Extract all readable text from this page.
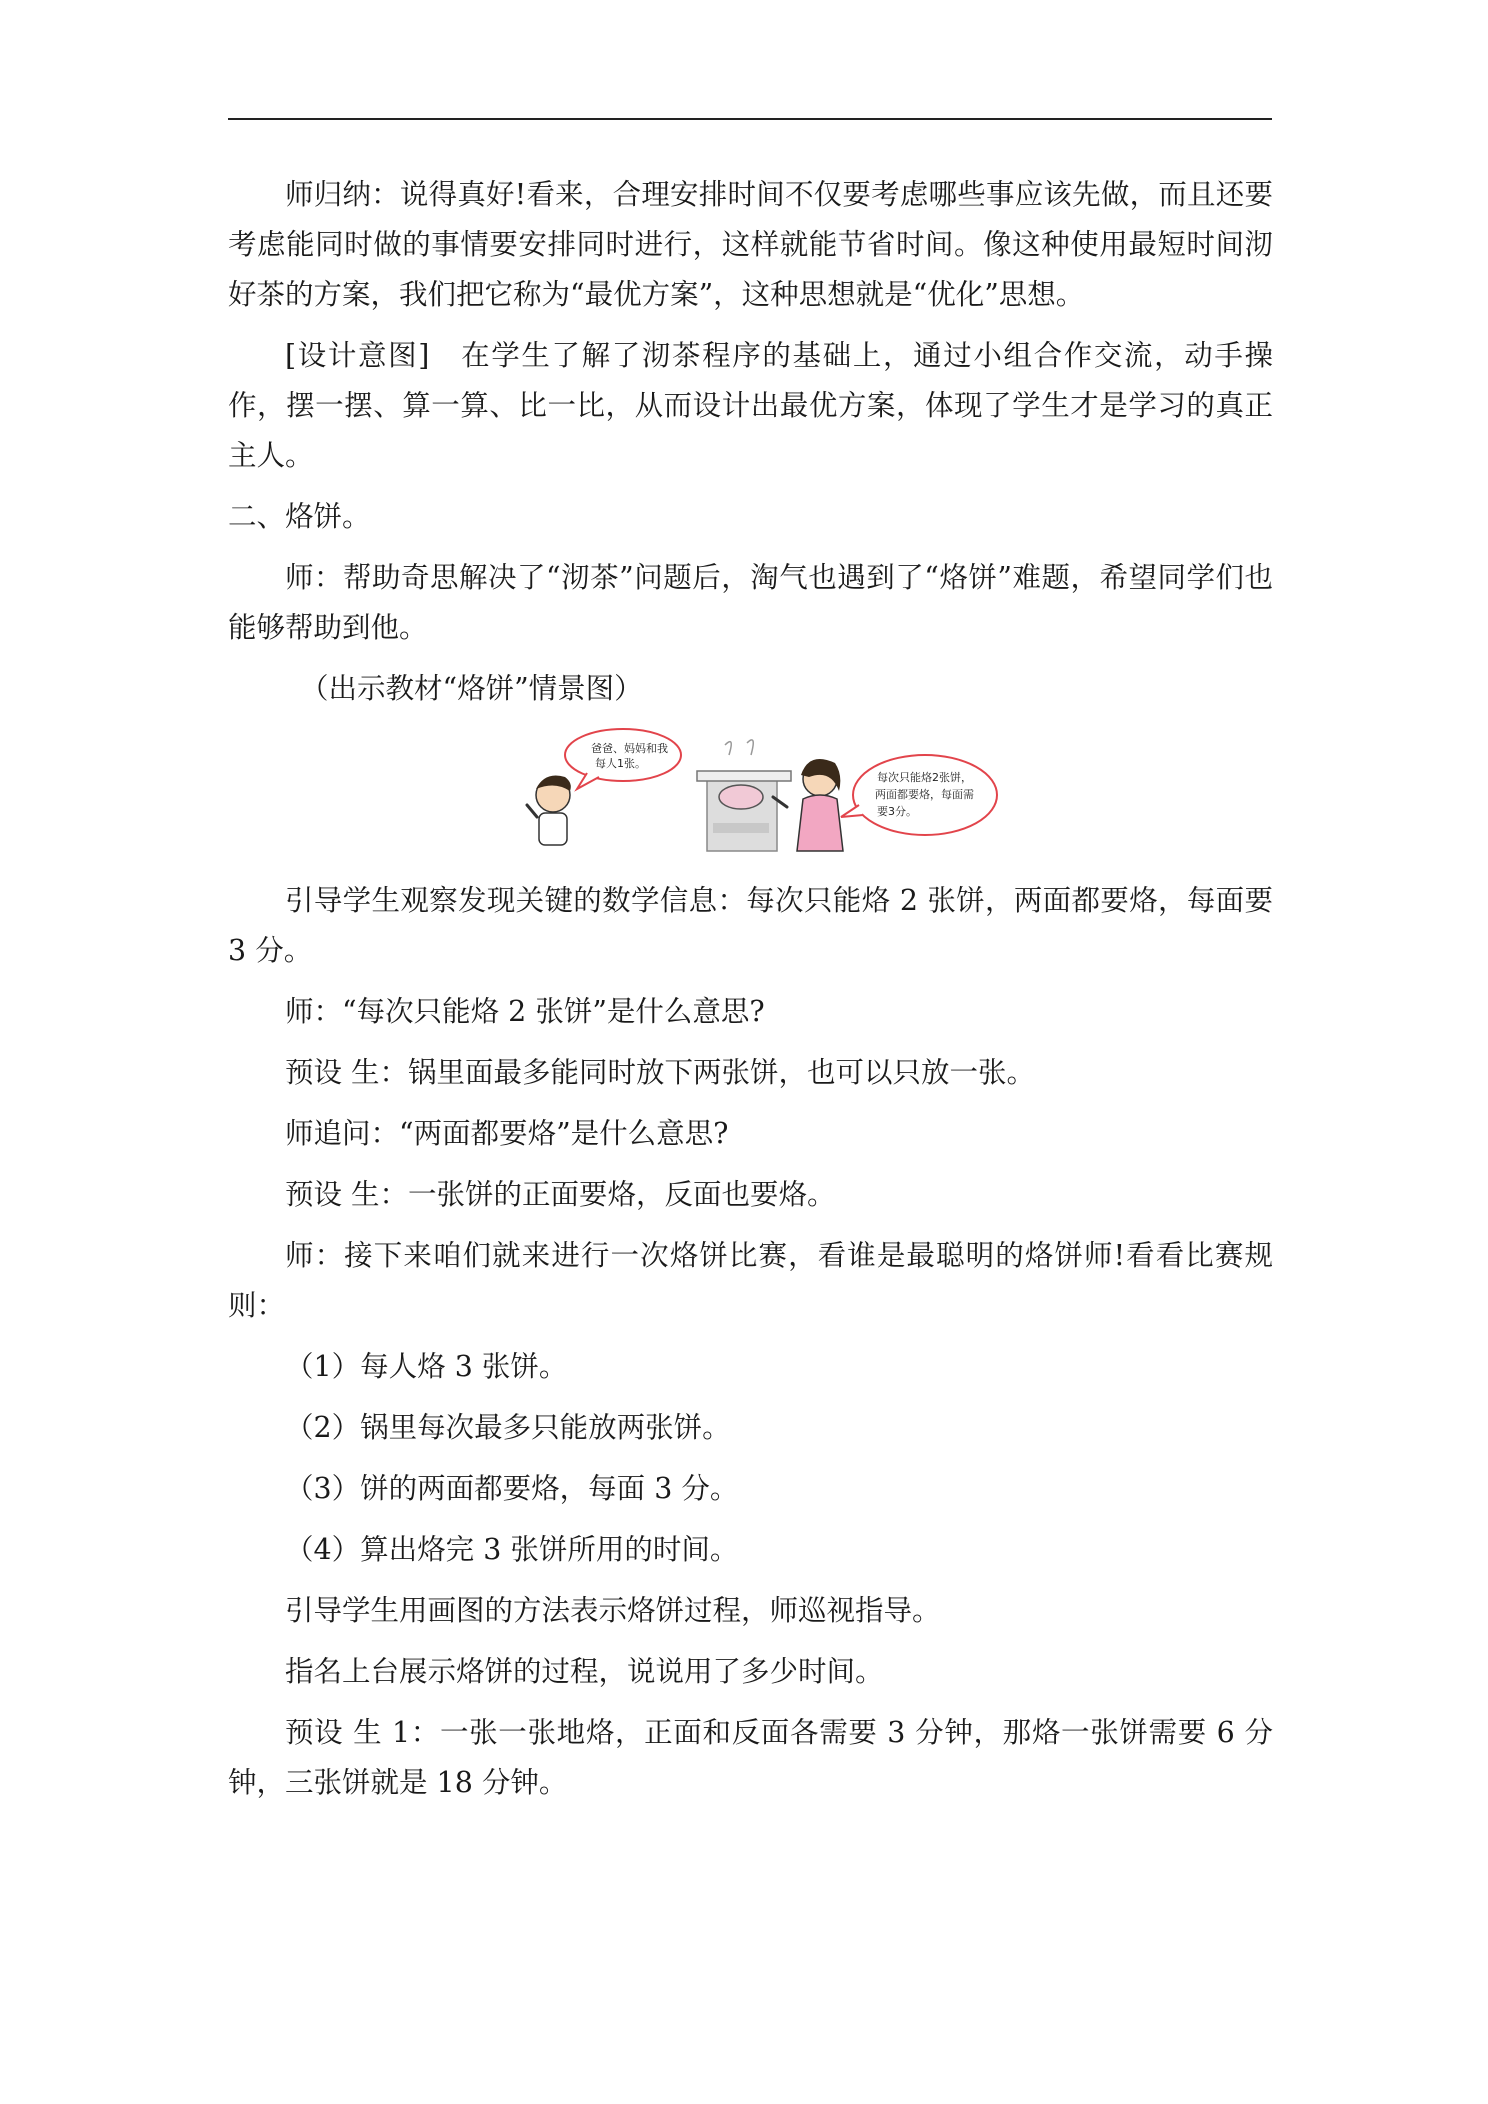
师归纳：说得真好!看来，合理安排时间不仅要考虑哪些事应该先做，而且还要考虑能同时做的事情要安排同时进行，这样就能节省时间。像这种使用最短时间沏好茶的方案，我们把它称为“最优方案”，这种思想就是“优化”思想。

[设计意图]　在学生了解了沏茶程序的基础上，通过小组合作交流，动手操作，摆一摆、算一算、比一比，从而设计出最优方案，体现了学生才是学习的真正主人。

二、烙饼。

师：帮助奇思解决了“沏茶”问题后，淘气也遇到了“烙饼”难题，希望同学们也能够帮助到他。

（出示教材“烙饼”情景图）

爸爸、妈妈和我
每人1张。
每次只能烙2张饼，
两面都要烙，每面需
要3分。

引导学生观察发现关键的数学信息：每次只能烙 2 张饼，两面都要烙，每面要 3 分。

师：“每次只能烙 2 张饼”是什么意思?

预设 生：锅里面最多能同时放下两张饼，也可以只放一张。

师追问：“两面都要烙”是什么意思?

预设 生：一张饼的正面要烙，反面也要烙。

师：接下来咱们就来进行一次烙饼比赛，看谁是最聪明的烙饼师!看看比赛规则：

（1）每人烙 3 张饼。

（2）锅里每次最多只能放两张饼。

（3）饼的两面都要烙，每面 3 分。

（4）算出烙完 3 张饼所用的时间。

引导学生用画图的方法表示烙饼过程，师巡视指导。

指名上台展示烙饼的过程，说说用了多少时间。

预设 生 1：一张一张地烙，正面和反面各需要 3 分钟，那烙一张饼需要 6 分钟，三张饼就是 18 分钟。
